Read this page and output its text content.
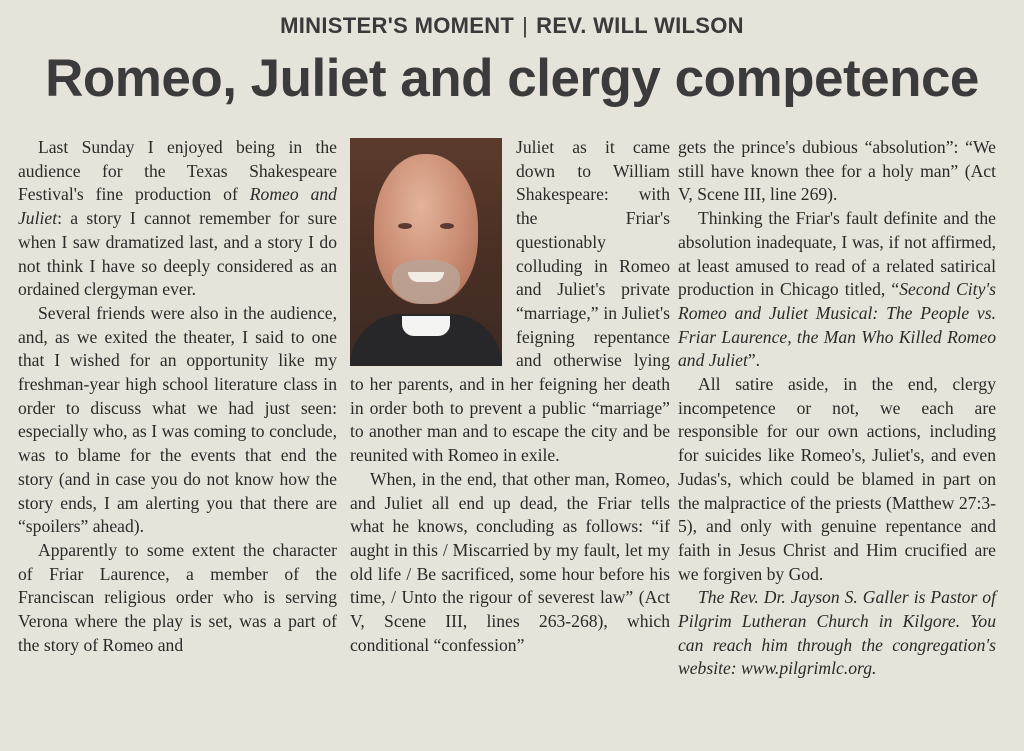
MINISTER'S MOMENT | REV. WILL WILSON
Romeo, Juliet and clergy competence

Last Sunday I enjoyed being in the audience for the Texas Shakespeare Festival's fine production of Romeo and Juliet: a story I cannot remember for sure when I saw dramatized last, and a story I do not think I have so deeply considered as an ordained clergyman ever.

Several friends were also in the audience, and, as we exited the theater, I said to one that I wished for an opportunity like my freshman-year high school literature class in order to discuss what we had just seen: especially who, as I was coming to conclude, was to blame for the events that end the story (and in case you do not know how the story ends, I am alerting you that there are “spoilers” ahead).

Apparently to some extent the character of Friar Laurence, a member of the Franciscan religious order who is serving Verona where the play is set, was a part of the story of Romeo and

Juliet as it came down to William Shakespeare: with the Friar's questionably colluding in Romeo and Juliet's private “marriage,” in Juliet's feigning repentance and otherwise lying to her parents, and in her feigning her death in order both to prevent a public “marriage” to another man and to escape the city and be reunited with Romeo in exile.

When, in the end, that other man, Romeo, and Juliet all end up dead, the Friar tells what he knows, concluding as follows: “if aught in this / Miscarried by my fault, let my old life / Be sacrificed, some hour before his time, / Unto the rigour of severest law” (Act V, Scene III, lines 263-268), which conditional “confession”

gets the prince's dubious “absolution”: “We still have known thee for a holy man” (Act V, Scene III, line 269).

Thinking the Friar's fault definite and the absolution inadequate, I was, if not affirmed, at least amused to read of a related satirical production in Chicago titled, “Second City's Romeo and Juliet Musical: The People vs. Friar Laurence, the Man Who Killed Romeo and Juliet”.

All satire aside, in the end, clergy incompetence or not, we each are responsible for our own actions, including for suicides like Romeo's, Juliet's, and even Judas's, which could be blamed in part on the malpractice of the priests (Matthew 27:3-5), and only with genuine repentance and faith in Jesus Christ and Him crucified are we forgiven by God.

The Rev. Dr. Jayson S. Galler is Pastor of Pilgrim Lutheran Church in Kilgore. You can reach him through the congregation's website: www.pilgrimlc.org.
